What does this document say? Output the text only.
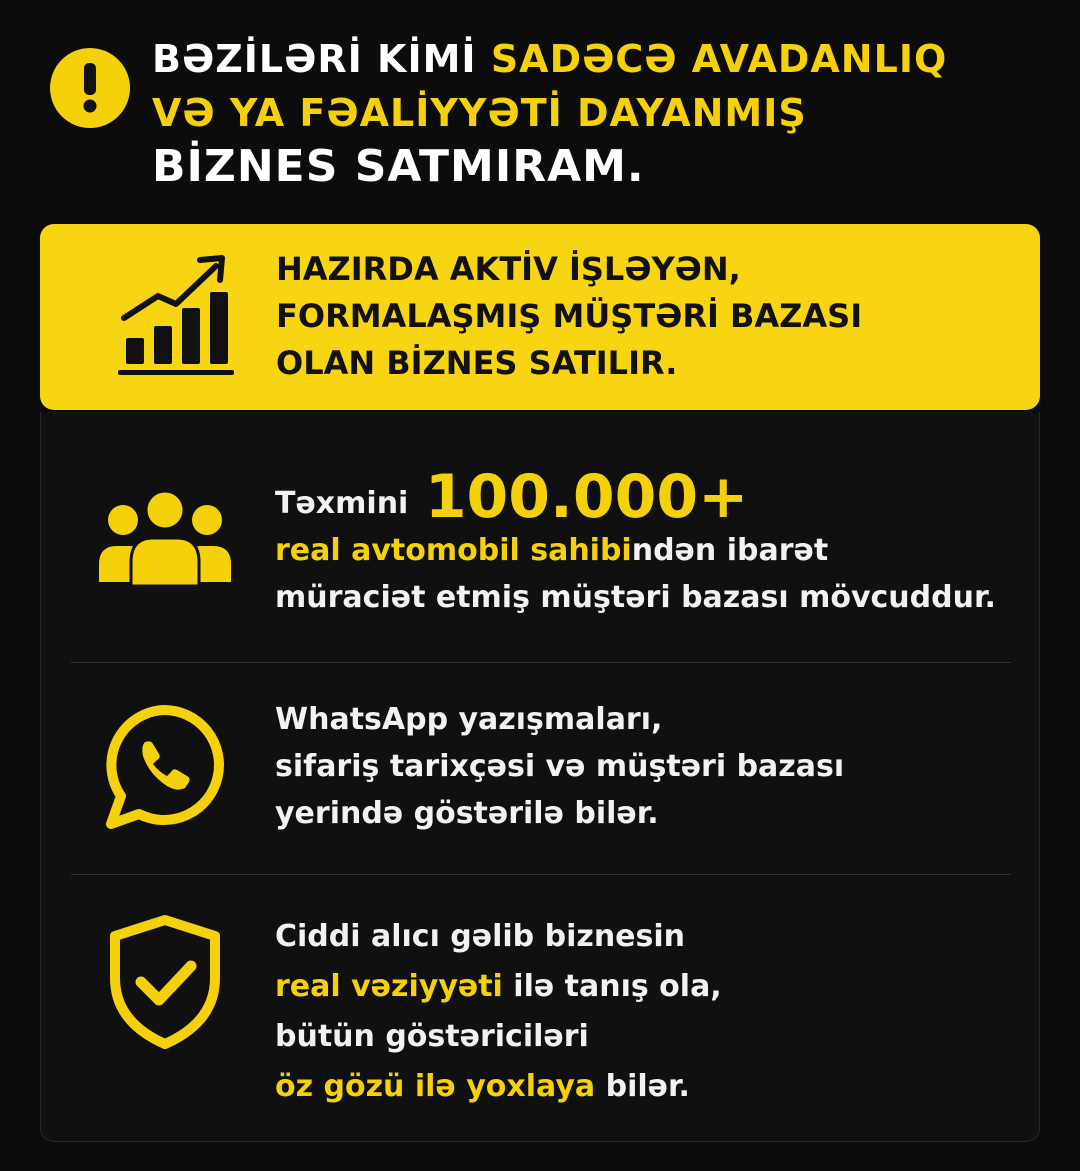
BƏZİLƏRİ KİMİ SADƏCƏ AVADANLIQ
VƏ YA FƏALİYYƏTİ DAYANMIŞ
BİZNES SATMIRAM.
HAZIRDA AKTİV İŞLƏYƏN,
FORMALAŞMIŞ MÜŞTƏRİ BAZASI
OLAN BİZNES SATILIR.
Təxmini 100.000+
real avtomobil sahibindən ibarət
müraciət etmiş müştəri bazası mövcuddur.
WhatsApp yazışmaları,
sifariş tarixçəsi və müştəri bazası
yerində göstərilə bilər.
Ciddi alıcı gəlib biznesin
real vəziyyəti ilə tanış ola,
bütün göstəriciləri
öz gözü ilə yoxlaya bilər.
